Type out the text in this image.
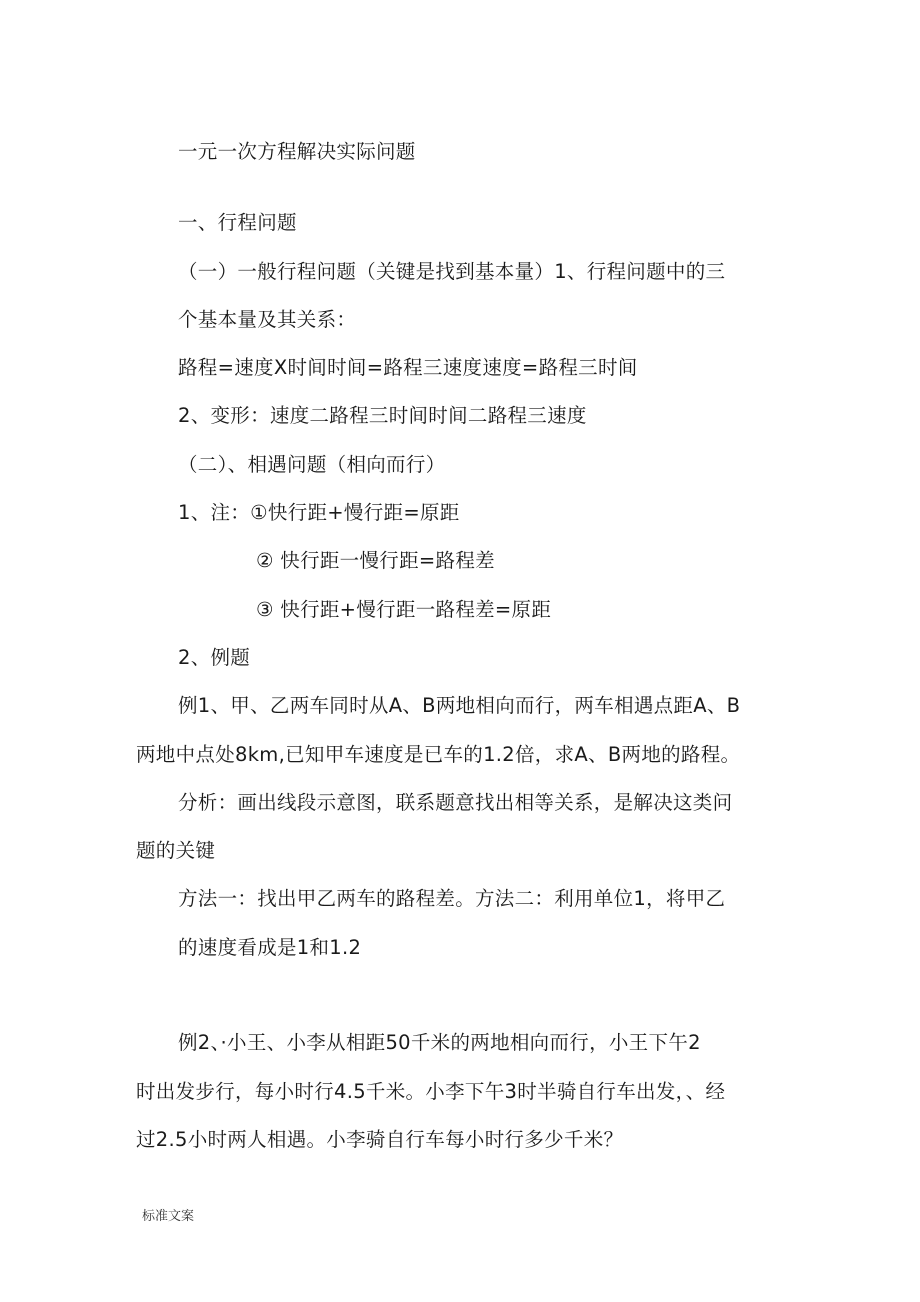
一元一次方程解决实际问题
一、行程问题
（一）一般行程问题（关键是找到基本量）1、行程问题中的三
个基本量及其关系：
路程=速度X时间时间=路程三速度速度=路程三时间
2、变形：速度二路程三时间时间二路程三速度
（二）、相遇问题（相向而行）
1、注：①快行距+慢行距=原距
② 快行距一慢行距=路程差
③ 快行距+慢行距一路程差=原距
2、例题
例1、甲、乙两车同时从A、B两地相向而行，两车相遇点距A、B
两地中点处8km,已知甲车速度是已车的1.2倍，求A、B两地的路程。
分析：画出线段示意图，联系题意找出相等关系，是解决这类问
题的关键
方法一：找出甲乙两车的路程差。方法二：利用单位1，将甲乙
的速度看成是1和1.2
例2、·小王、小李从相距50千米的两地相向而行，小王下午2
时出发步行，每小时行4.5千米。小李下午3时半骑自行车出发，、经
过2.5小时两人相遇。小李骑自行车每小时行多少千米？
标准文案
